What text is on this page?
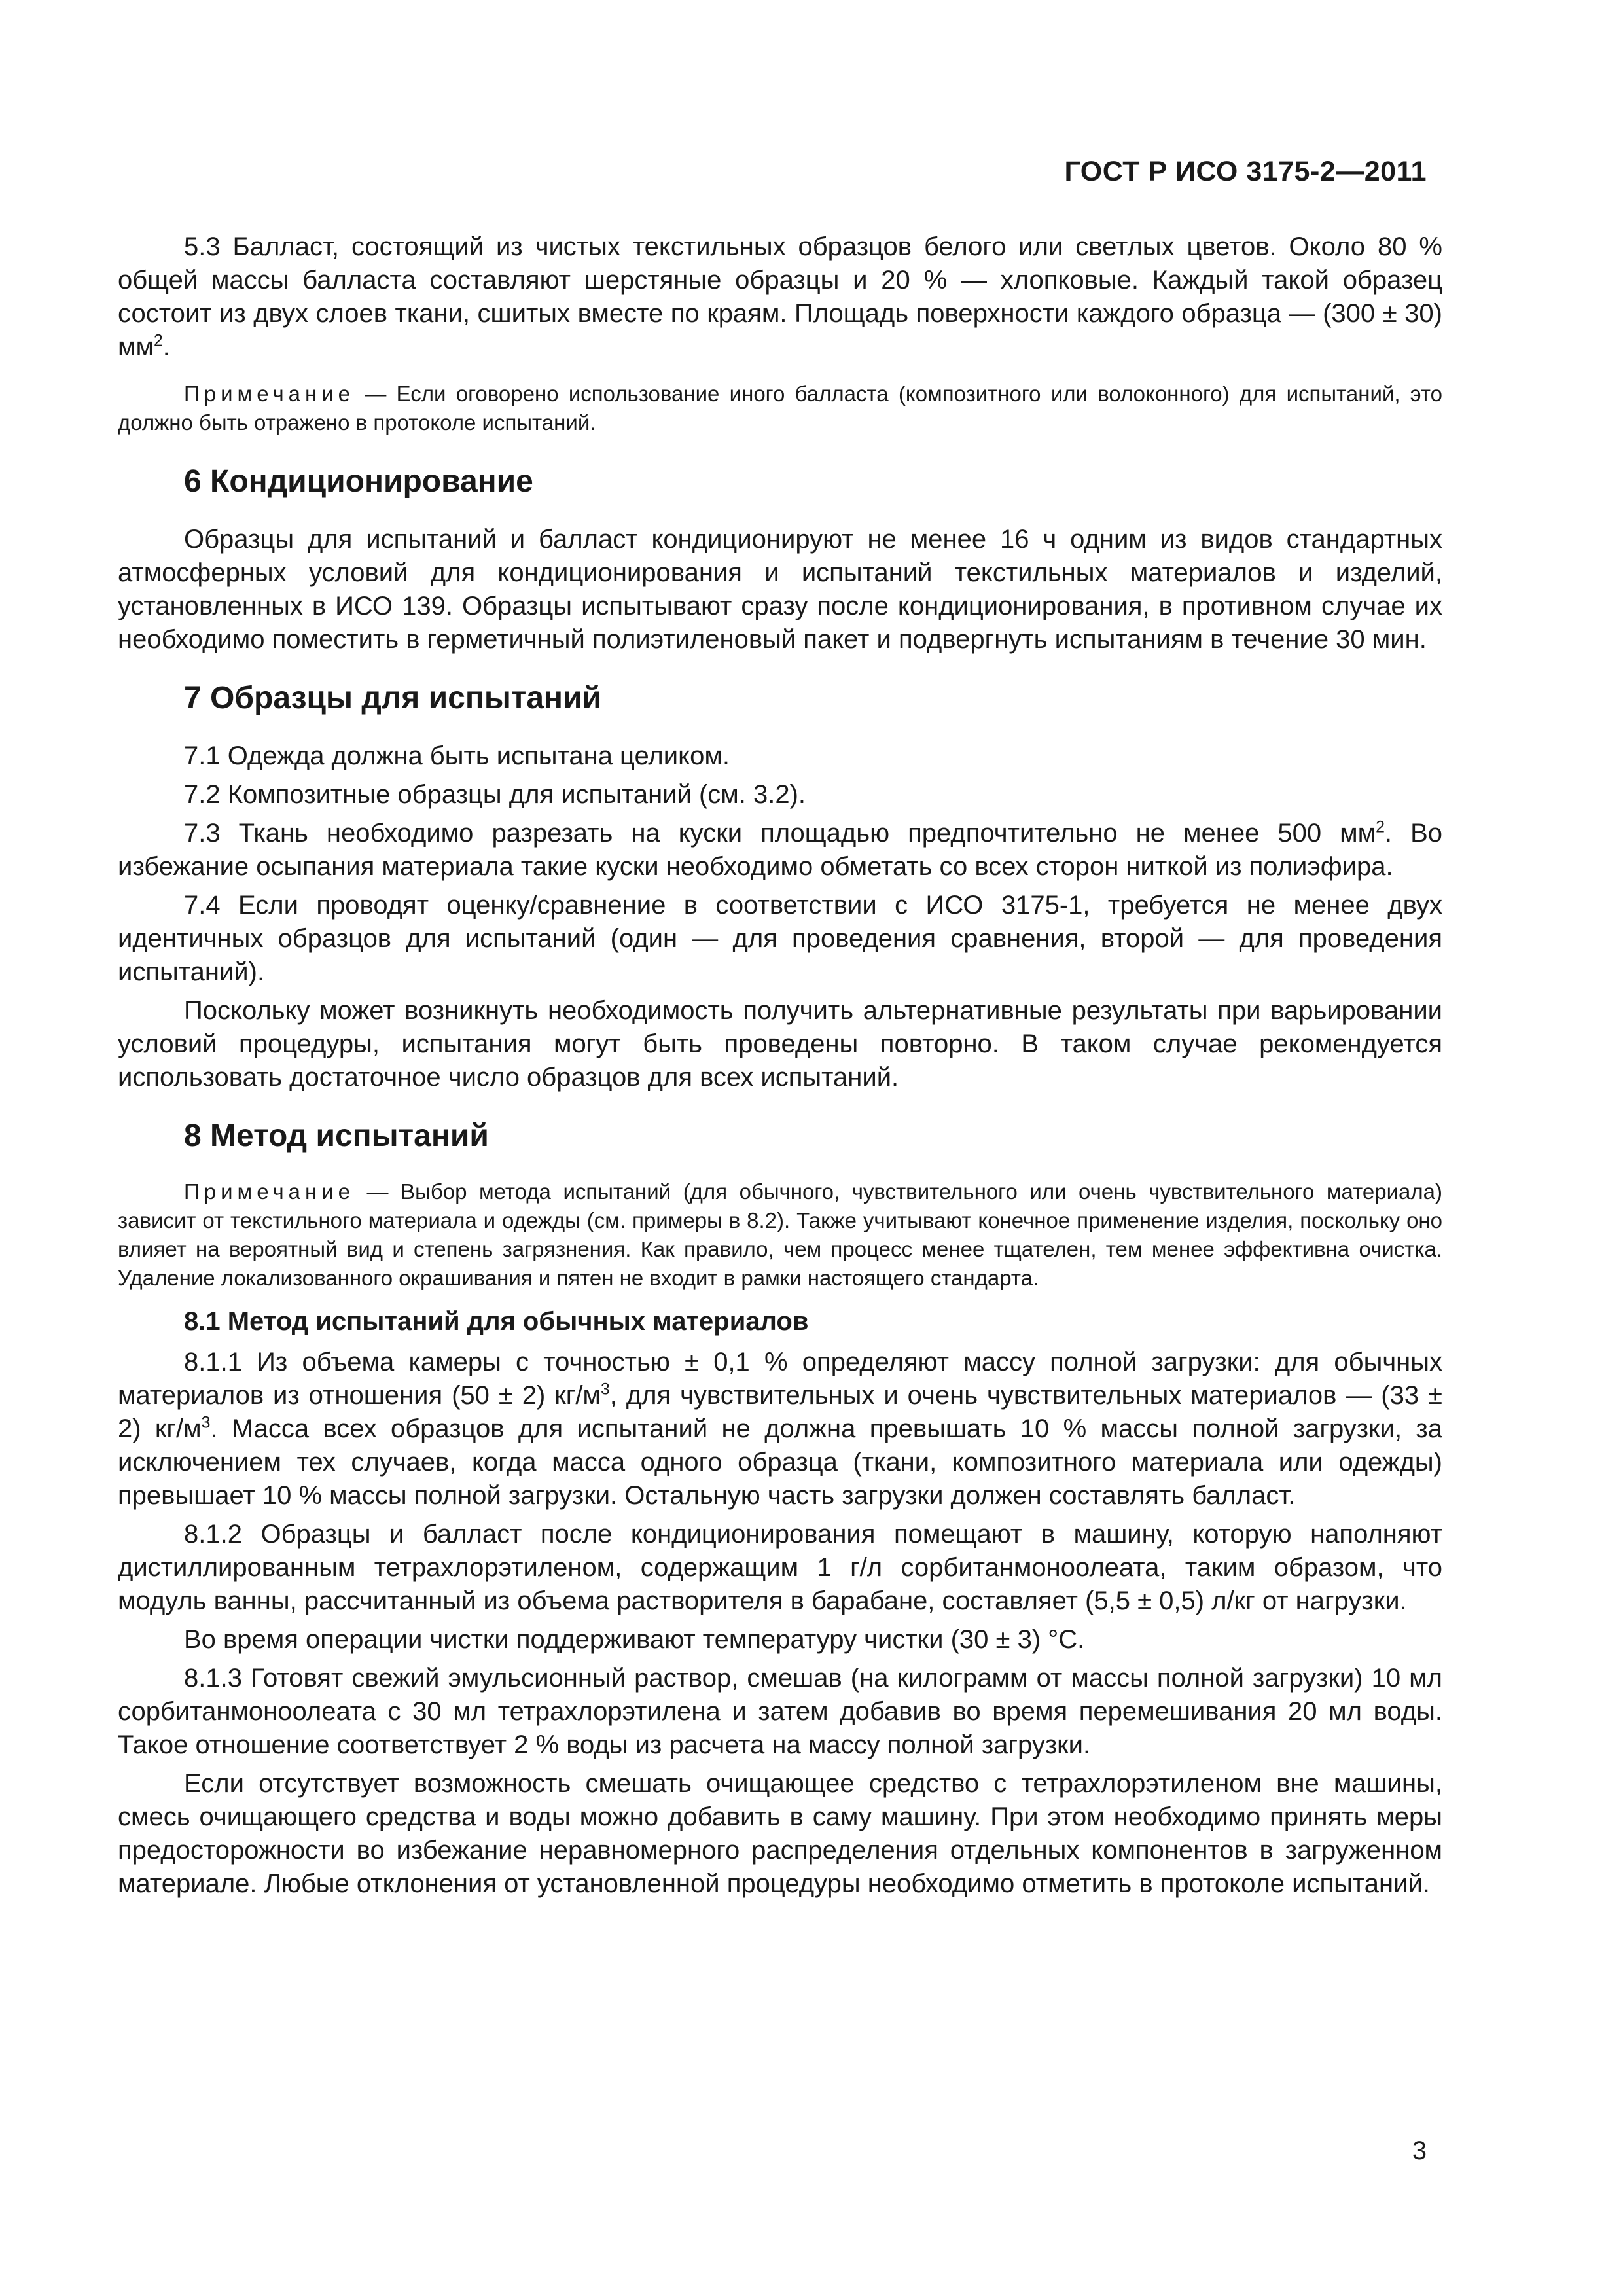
ГОСТ Р ИСО 3175-2—2011

5.3 Балласт, состоящий из чистых текстильных образцов белого или светлых цветов. Около 80 % общей массы балласта составляют шерстяные образцы и 20 % — хлопковые. Каждый такой образец состоит из двух слоев ткани, сшитых вместе по краям. Площадь поверхности каждого образца — (300 ± 30) $мм^2$.

Примечание — Если оговорено использование иного балласта (композитного или волоконного) для испытаний, это должно быть отражено в протоколе испытаний.

6 Кондиционирование

Образцы для испытаний и балласт кондиционируют не менее 16 ч одним из видов стандартных атмосферных условий для кондиционирования и испытаний текстильных материалов и изделий, установленных в ИСО 139. Образцы испытывают сразу после кондиционирования, в противном случае их необходимо поместить в герметичный полиэтиленовый пакет и подвергнуть испытаниям в течение 30 мин.

7 Образцы для испытаний

7.1 Одежда должна быть испытана целиком.

7.2 Композитные образцы для испытаний (см. 3.2).

7.3 Ткань необходимо разрезать на куски площадью предпочтительно не менее 500 $мм^2$. Во избежание осыпания материала такие куски необходимо обметать со всех сторон ниткой из полиэфира.

7.4 Если проводят оценку/сравнение в соответствии с ИСО 3175-1, требуется не менее двух идентичных образцов для испытаний (один — для проведения сравнения, второй — для проведения испытаний).

Поскольку может возникнуть необходимость получить альтернативные результаты при варьировании условий процедуры, испытания могут быть проведены повторно. В таком случае рекомендуется использовать достаточное число образцов для всех испытаний.

8 Метод испытаний

Примечание — Выбор метода испытаний (для обычного, чувствительного или очень чувствительного материала) зависит от текстильного материала и одежды (см. примеры в 8.2). Также учитывают конечное применение изделия, поскольку оно влияет на вероятный вид и степень загрязнения. Как правило, чем процесс менее тщателен, тем менее эффективна очистка. Удаление локализованного окрашивания и пятен не входит в рамки настоящего стандарта.

8.1 Метод испытаний для обычных материалов

8.1.1 Из объема камеры с точностью ± 0,1 % определяют массу полной загрузки: для обычных материалов из отношения (50 ± 2) $кг/м^3$, для чувствительных и очень чувствительных материалов — (33 ± 2) $кг/м^3$. Масса всех образцов для испытаний не должна превышать 10 % массы полной загрузки, за исключением тех случаев, когда масса одного образца (ткани, композитного материала или одежды) превышает 10 % массы полной загрузки. Остальную часть загрузки должен составлять балласт.

8.1.2 Образцы и балласт после кондиционирования помещают в машину, которую наполняют дистиллированным тетрахлорэтиленом, содержащим 1 г/л сорбитанмоноолеата, таким образом, что модуль ванны, рассчитанный из объема растворителя в барабане, составляет (5,5 ± 0,5) л/кг от нагрузки.

Во время операции чистки поддерживают температуру чистки (30 ± 3) °C.

8.1.3 Готовят свежий эмульсионный раствор, смешав (на килограмм от массы полной загрузки) 10 мл сорбитанмоноолеата с 30 мл тетрахлорэтилена и затем добавив во время перемешивания 20 мл воды. Такое отношение соответствует 2 % воды из расчета на массу полной загрузки.

Если отсутствует возможность смешать очищающее средство с тетрахлорэтиленом вне машины, смесь очищающего средства и воды можно добавить в саму машину. При этом необходимо принять меры предосторожности во избежание неравномерного распределения отдельных компонентов в загруженном материале. Любые отклонения от установленной процедуры необходимо отметить в протоколе испытаний.

3
